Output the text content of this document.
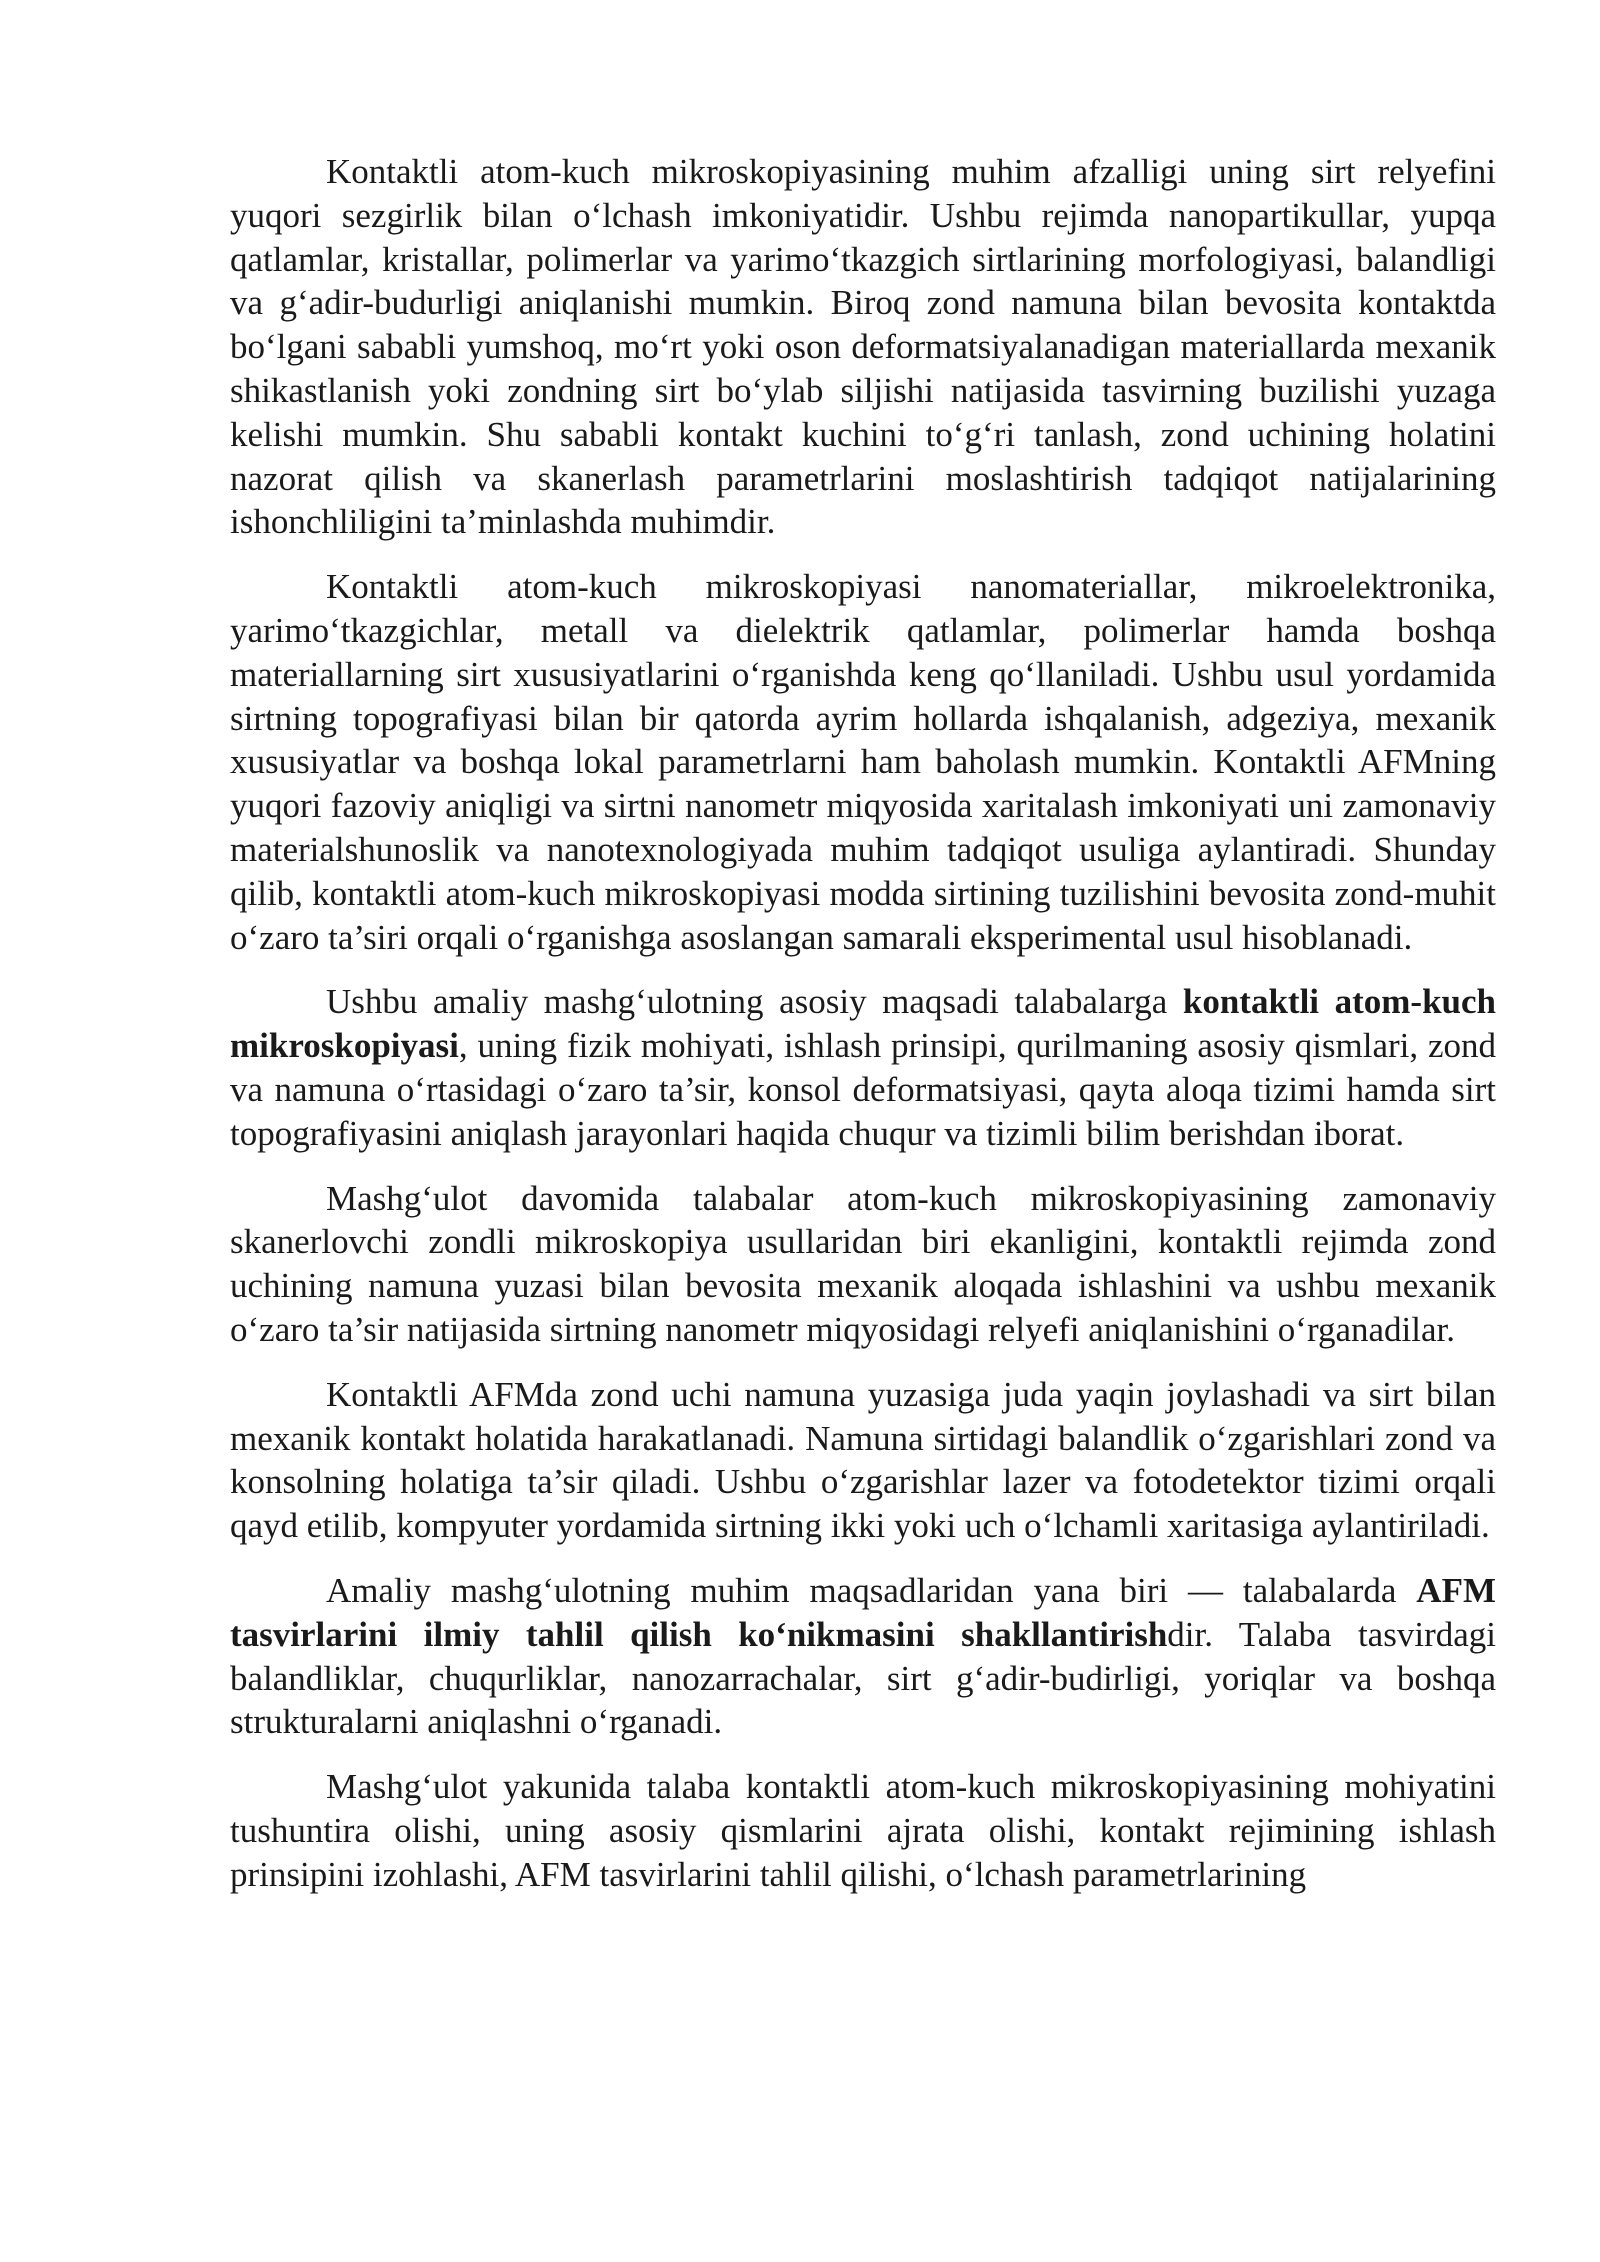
Kontaktli atom-kuch mikroskopiyasining muhim afzalligi uning sirt relyefini yuqori sezgirlik bilan o‘lchash imkoniyatidir. Ushbu rejimda nanopartikullar, yupqa qatlamlar, kristallar, polimerlar va yarimo‘tkazgich sirtlarining morfologiyasi, balandligi va g‘adir-budurligi aniqlanishi mumkin. Biroq zond namuna bilan bevosita kontaktda bo‘lgani sababli yumshoq, mo‘rt yoki oson deformatsiyalanadigan materiallarda mexanik shikastlanish yoki zondning sirt bo‘ylab siljishi natijasida tasvirning buzilishi yuzaga kelishi mumkin. Shu sababli kontakt kuchini to‘g‘ri tanlash, zond uchining holatini nazorat qilish va skanerlash parametrlarini moslashtirish tadqiqot natijalarining ishonchliligini ta’minlashda muhimdir.

Kontaktli atom-kuch mikroskopiyasi nanomateriallar, mikroelektronika, yarimo‘tkazgichlar, metall va dielektrik qatlamlar, polimerlar hamda boshqa materiallarning sirt xususiyatlarini o‘rganishda keng qo‘llaniladi. Ushbu usul yordamida sirtning topografiyasi bilan bir qatorda ayrim hollarda ishqalanish, adgeziya, mexanik xususiyatlar va boshqa lokal parametrlarni ham baholash mumkin. Kontaktli AFMning yuqori fazoviy aniqligi va sirtni nanometr miqyosida xaritalash imkoniyati uni zamonaviy materialshunoslik va nanotexnologiyada muhim tadqiqot usuliga aylantiradi. Shunday qilib, kontaktli atom-kuch mikroskopiyasi modda sirtining tuzilishini bevosita zond-muhit o‘zaro ta’siri orqali o‘rganishga asoslangan samarali eksperimental usul hisoblanadi.

Ushbu amaliy mashg‘ulotning asosiy maqsadi talabalarga kontaktli atom-kuch mikroskopiyasi, uning fizik mohiyati, ishlash prinsipi, qurilmaning asosiy qismlari, zond va namuna o‘rtasidagi o‘zaro ta’sir, konsol deformatsiyasi, qayta aloqa tizimi hamda sirt topografiyasini aniqlash jarayonlari haqida chuqur va tizimli bilim berishdan iborat.

Mashg‘ulot davomida talabalar atom-kuch mikroskopiyasining zamonaviy skanerlovchi zondli mikroskopiya usullaridan biri ekanligini, kontaktli rejimda zond uchining namuna yuzasi bilan bevosita mexanik aloqada ishlashini va ushbu mexanik o‘zaro ta’sir natijasida sirtning nanometr miqyosidagi relyefi aniqlanishini o‘rganadilar.

Kontaktli AFMda zond uchi namuna yuzasiga juda yaqin joylashadi va sirt bilan mexanik kontakt holatida harakatlanadi. Namuna sirtidagi balandlik o‘zgarishlari zond va konsolning holatiga ta’sir qiladi. Ushbu o‘zgarishlar lazer va fotodetektor tizimi orqali qayd etilib, kompyuter yordamida sirtning ikki yoki uch o‘lchamli xaritasiga aylantiriladi.

Amaliy mashg‘ulotning muhim maqsadlaridan yana biri — talabalarda AFM tasvirlarini ilmiy tahlil qilish ko‘nikmasini shakllantirishdir. Talaba tasvirdagi balandliklar, chuqurliklar, nanozarrachalar, sirt g‘adir-budirligi, yoriqlar va boshqa strukturalarni aniqlashni o‘rganadi.

Mashg‘ulot yakunida talaba kontaktli atom-kuch mikroskopiyasining mohiyatini tushuntira olishi, uning asosiy qismlarini ajrata olishi, kontakt rejimining ishlash prinsipini izohlashi, AFM tasvirlarini tahlil qilishi, o‘lchash parametrlarining
